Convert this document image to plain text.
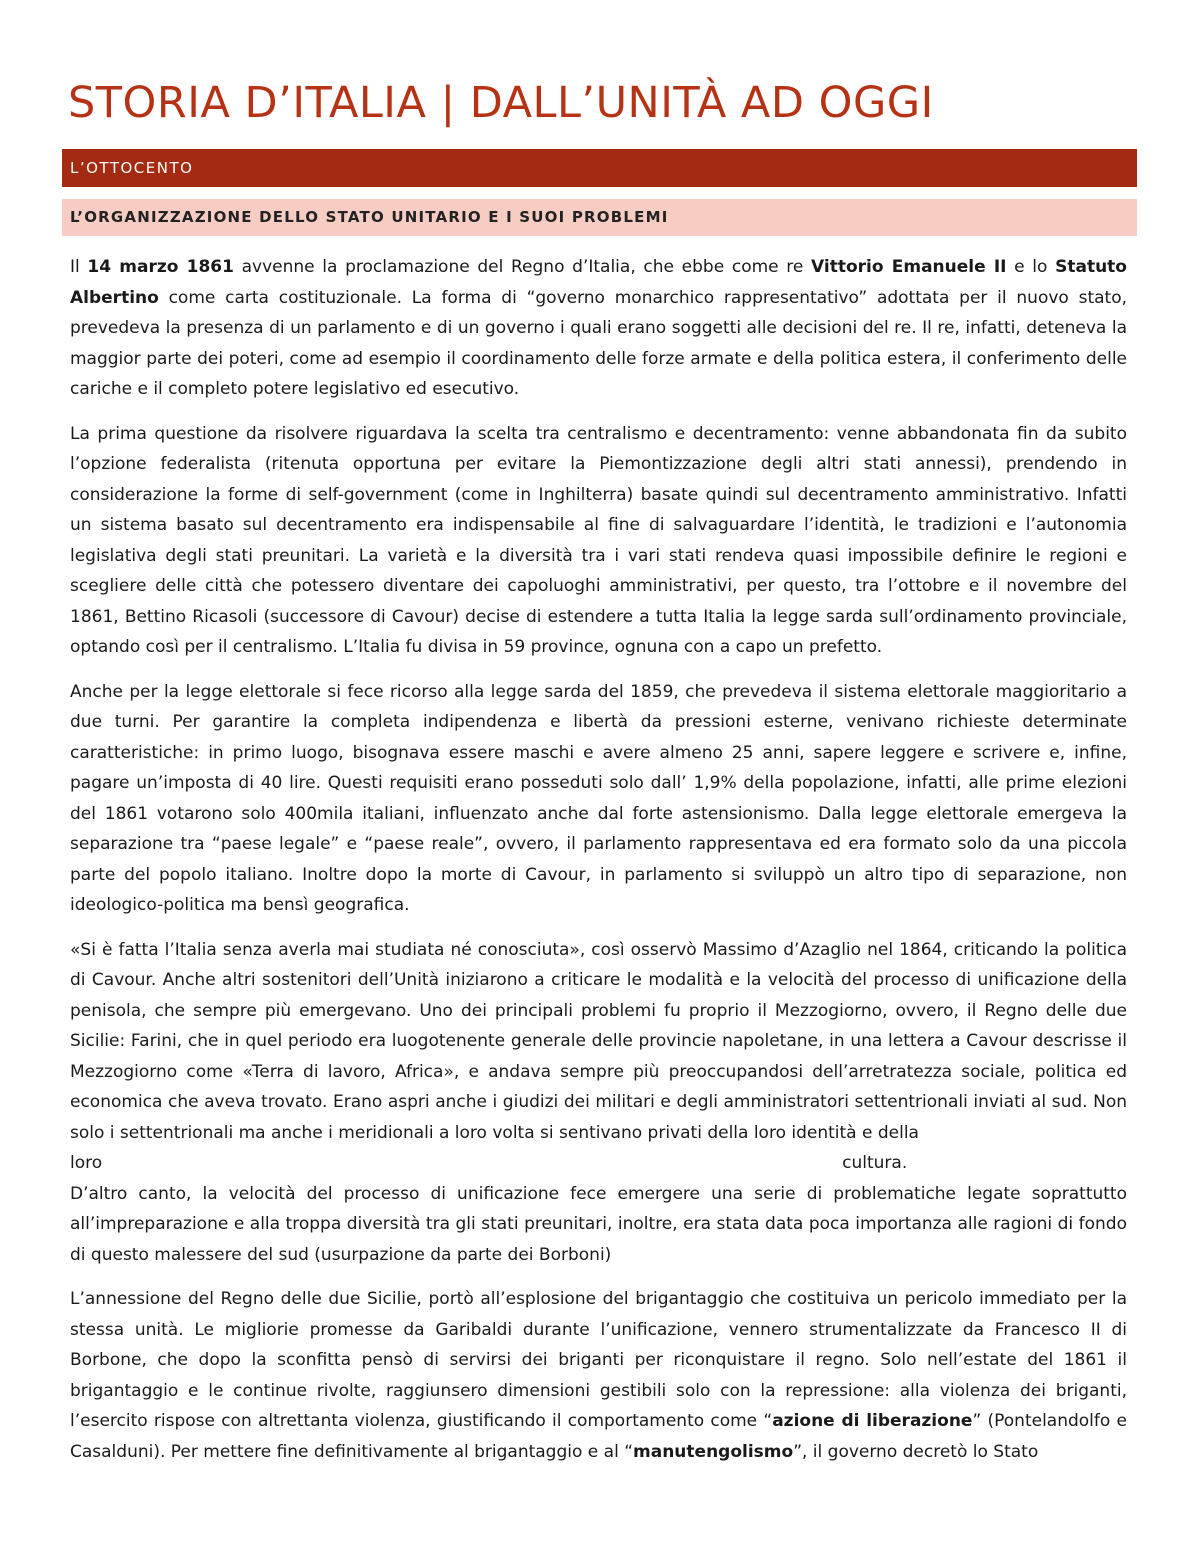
STORIA D’ITALIA | DALL’UNITÀ AD OGGI
L’OTTOCENTO
L’ORGANIZZAZIONE DELLO STATO UNITARIO E I SUOI PROBLEMI

Il 14 marzo 1861 avvenne la proclamazione del Regno d’Italia, che ebbe come re Vittorio Emanuele II e lo Statuto Albertino come carta costituzionale. La forma di “governo monarchico rappresentativo” adottata per il nuovo stato, prevedeva la presenza di un parlamento e di un governo i quali erano soggetti alle decisioni del re. Il re, infatti, deteneva la maggior parte dei poteri, come ad esempio il coordinamento delle forze armate e della politica estera, il conferimento delle cariche e il completo potere legislativo ed esecutivo.

La prima questione da risolvere riguardava la scelta tra centralismo e decentramento: venne abbandonata fin da subito l’opzione federalista (ritenuta opportuna per evitare la Piemontizzazione degli altri stati annessi), prendendo in considerazione la forme di self-government (come in Inghilterra) basate quindi sul decentramento amministrativo. Infatti un sistema basato sul decentramento era indispensabile al fine di salvaguardare l’identità, le tradizioni e l’autonomia legislativa degli stati preunitari. La varietà e la diversità tra i vari stati rendeva quasi impossibile definire le regioni e scegliere delle città che potessero diventare dei capoluoghi amministrativi, per questo, tra l’ottobre e il novembre del 1861, Bettino Ricasoli (successore di Cavour) decise di estendere a tutta Italia la legge sarda sull’ordinamento provinciale, optando così per il centralismo. L’Italia fu divisa in 59 province, ognuna con a capo un prefetto.

Anche per la legge elettorale si fece ricorso alla legge sarda del 1859, che prevedeva il sistema elettorale maggioritario a due turni. Per garantire la completa indipendenza e libertà da pressioni esterne, venivano richieste determinate caratteristiche: in primo luogo, bisognava essere maschi e avere almeno 25 anni, sapere leggere e scrivere e, infine, pagare un’imposta di 40 lire. Questi requisiti erano posseduti solo dall’ 1,9% della popolazione, infatti, alle prime elezioni del 1861 votarono solo 400mila italiani, influenzato anche dal forte astensionismo. Dalla legge elettorale emergeva la separazione tra “paese legale” e “paese reale”, ovvero, il parlamento rappresentava ed era formato solo da una piccola parte del popolo italiano. Inoltre dopo la morte di Cavour, in parlamento si sviluppò un altro tipo di separazione, non ideologico-politica ma bensì geografica.

«Si è fatta l’Italia senza averla mai studiata né conosciuta», così osservò Massimo d’Azaglio nel 1864, criticando la politica di Cavour. Anche altri sostenitori dell’Unità iniziarono a criticare le modalità e la velocità del processo di unificazione della penisola, che sempre più emergevano. Uno dei principali problemi fu proprio il Mezzogiorno, ovvero, il Regno delle due Sicilie: Farini, che in quel periodo era luogotenente generale delle provincie napoletane, in una lettera a Cavour descrisse il Mezzogiorno come «Terra di lavoro, Africa», e andava sempre più preoccupandosi dell’arretratezza sociale, politica ed economica che aveva trovato. Erano aspri anche i giudizi dei militari e degli amministratori settentrionali inviati al sud. Non solo i settentrionali ma anche i meridionali a loro volta si sentivano privati della loro identità e della
loro	cultura.

D’altro canto, la velocità del processo di unificazione fece emergere una serie di problematiche legate soprattutto all’impreparazione e alla troppa diversità tra gli stati preunitari, inoltre, era stata data poca importanza alle ragioni di fondo di questo malessere del sud (usurpazione da parte dei Borboni)

L’annessione del Regno delle due Sicilie, portò all’esplosione del brigantaggio che costituiva un pericolo immediato per la stessa unità. Le migliorie promesse da Garibaldi durante l’unificazione, vennero strumentalizzate da Francesco II di Borbone, che dopo la sconfitta pensò di servirsi dei briganti per riconquistare il regno. Solo nell’estate del 1861 il brigantaggio e le continue rivolte, raggiunsero dimensioni gestibili solo con la repressione: alla violenza dei briganti, l’esercito rispose con altrettanta violenza, giustificando il comportamento come “azione di liberazione” (Pontelandolfo e Casalduni). Per mettere fine definitivamente al brigantaggio e al “manutengolismo”, il governo decretò lo Stato
